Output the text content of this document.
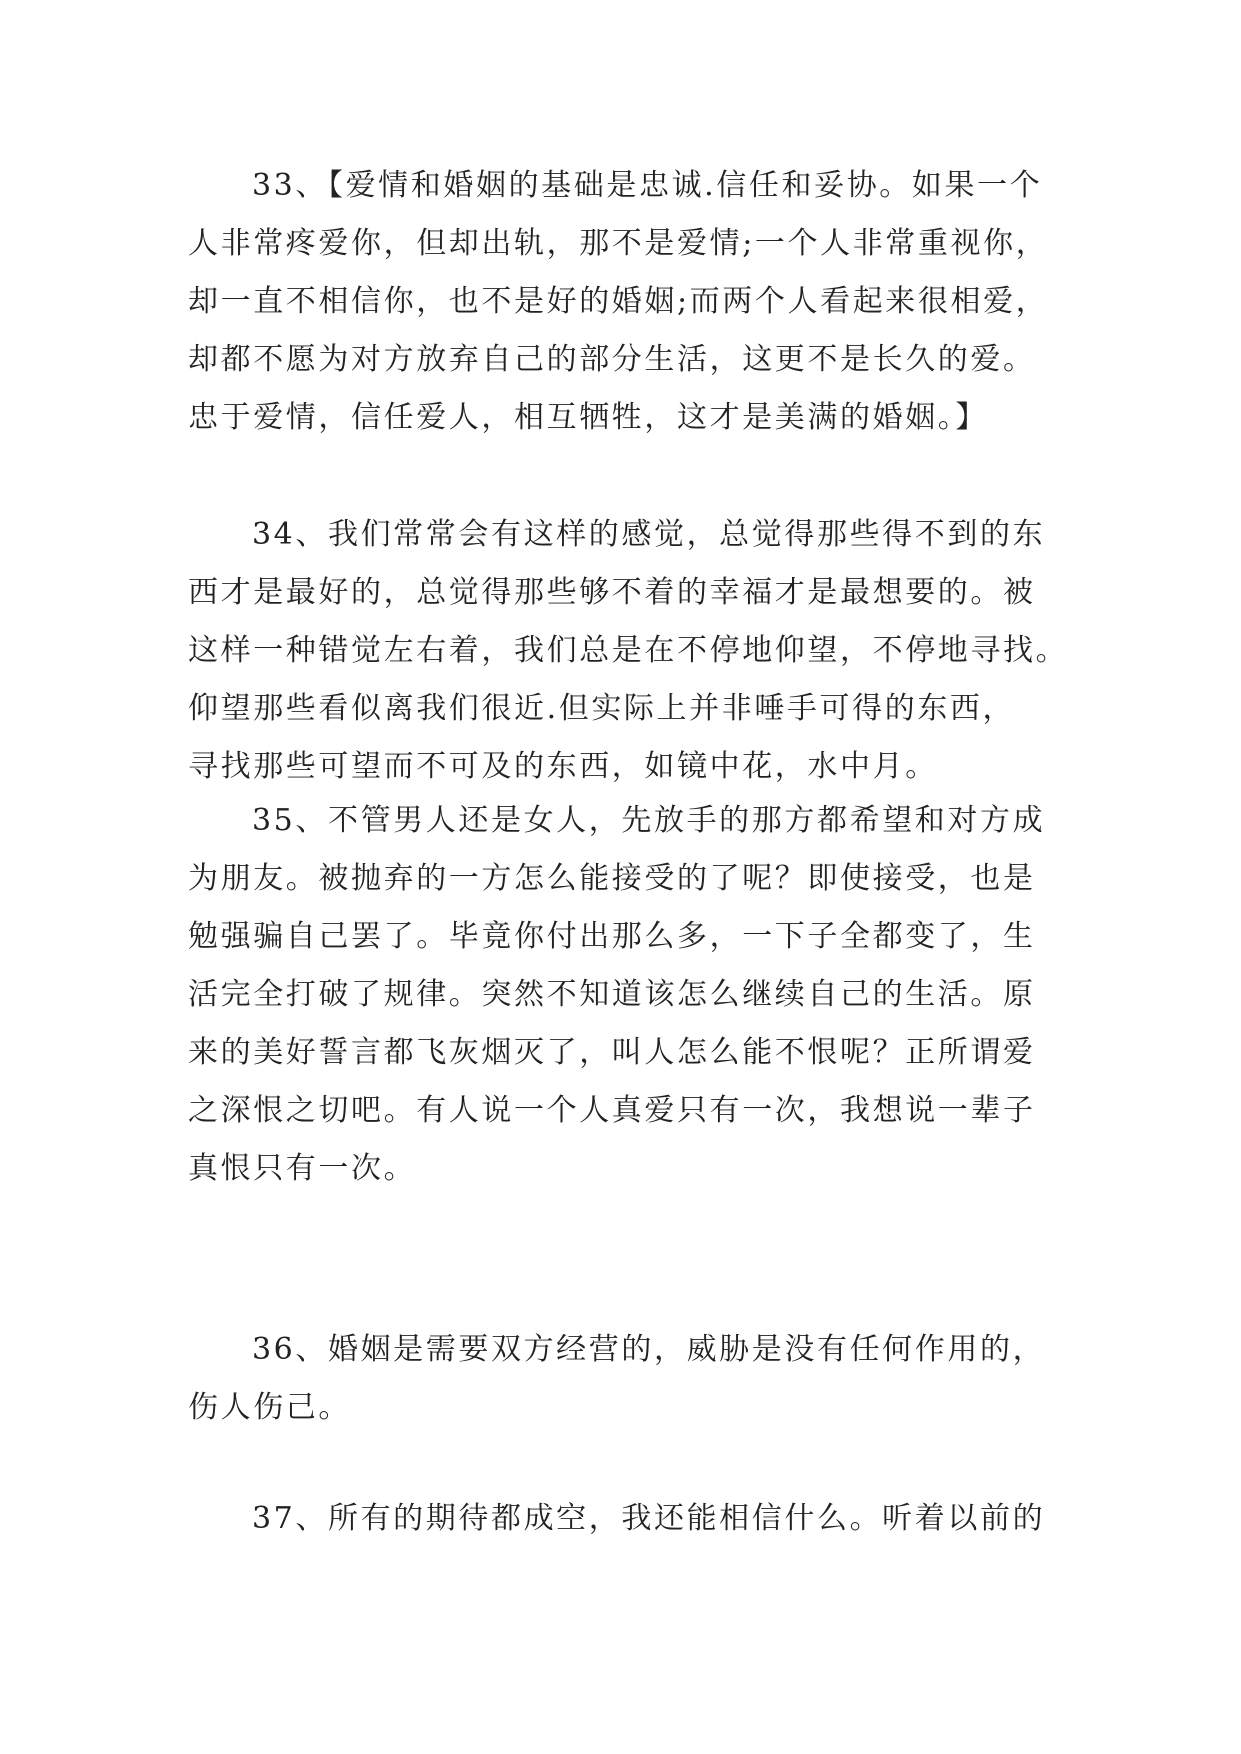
33、【爱情和婚姻的基础是忠诚.信任和妥协。如果一个
人非常疼爱你，但却出轨，那不是爱情;一个人非常重视你，
却一直不相信你，也不是好的婚姻;而两个人看起来很相爱，
却都不愿为对方放弃自己的部分生活，这更不是长久的爱。
忠于爱情，信任爱人，相互牺牲，这才是美满的婚姻。】
34、我们常常会有这样的感觉，总觉得那些得不到的东
西才是最好的，总觉得那些够不着的幸福才是最想要的。被
这样一种错觉左右着，我们总是在不停地仰望，不停地寻找。
仰望那些看似离我们很近.但实际上并非唾手可得的东西，
寻找那些可望而不可及的东西，如镜中花，水中月。
35、不管男人还是女人，先放手的那方都希望和对方成
为朋友。被抛弃的一方怎么能接受的了呢？即使接受，也是
勉强骗自己罢了。毕竟你付出那么多，一下子全都变了，生
活完全打破了规律。突然不知道该怎么继续自己的生活。原
来的美好誓言都飞灰烟灭了，叫人怎么能不恨呢？正所谓爱
之深恨之切吧。有人说一个人真爱只有一次，我想说一辈子
真恨只有一次。
36、婚姻是需要双方经营的，威胁是没有任何作用的，
伤人伤己。
37、所有的期待都成空，我还能相信什么。听着以前的
